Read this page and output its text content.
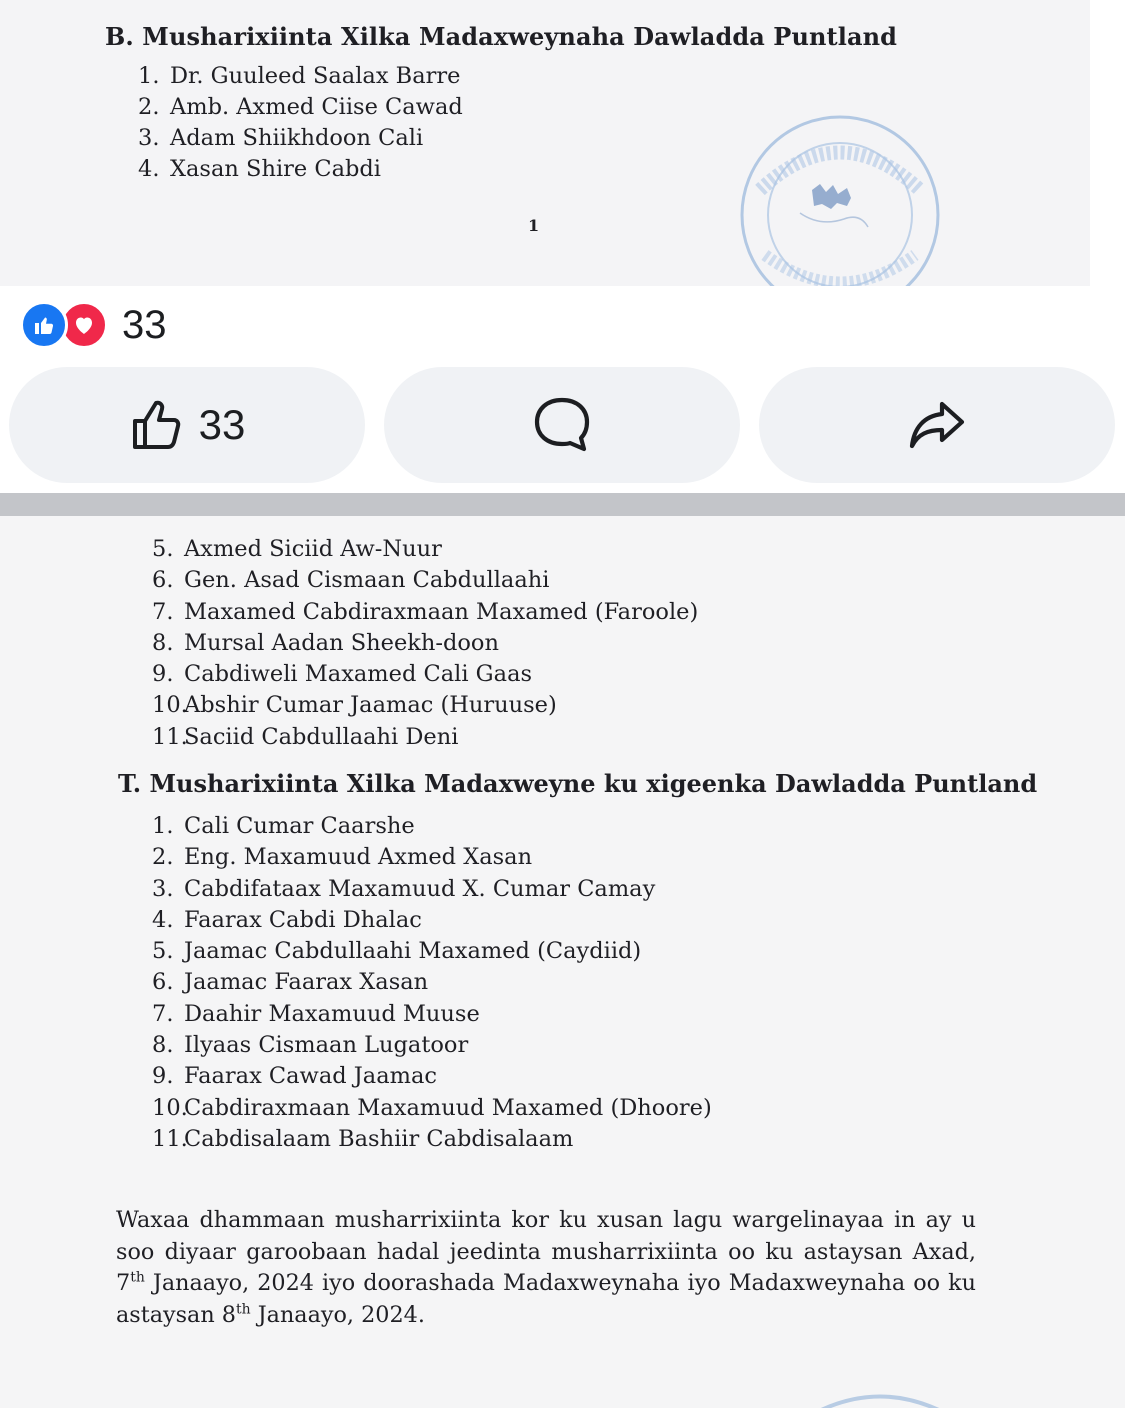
B. Musharixiinta Xilka Madaxweynaha Dawladda Puntland
1. Dr. Guuleed Saalax Barre
2. Amb. Axmed Ciise Cawad
3. Adam Shiikhdoon Cali
4. Xasan Shire Cabdi
1
33
33
5. Axmed Siciid Aw-Nuur
6. Gen. Asad Cismaan Cabdullaahi
7. Maxamed Cabdiraxmaan Maxamed (Faroole)
8. Mursal Aadan Sheekh-doon
9. Cabdiweli Maxamed Cali Gaas
10.Abshir Cumar Jaamac (Huruuse)
11.Saciid Cabdullaahi Deni
T. Musharixiinta Xilka Madaxweyne ku xigeenka Dawladda Puntland
1. Cali Cumar Caarshe
2. Eng. Maxamuud Axmed Xasan
3. Cabdifataax Maxamuud X. Cumar Camay
4. Faarax Cabdi Dhalac
5. Jaamac Cabdullaahi Maxamed (Caydiid)
6. Jaamac Faarax Xasan
7. Daahir Maxamuud Muuse
8. Ilyaas Cismaan Lugatoor
9. Faarax Cawad Jaamac
10.Cabdiraxmaan Maxamuud Maxamed (Dhoore)
11.Cabdisalaam Bashiir Cabdisalaam

Waxaa dhammaan musharrixiinta kor ku xusan lagu wargelinayaa in ay u soo diyaar garoobaan hadal jeedinta musharrixiinta oo ku astaysan Axad, 7th Janaayo, 2024 iyo doorashada Madaxweynaha iyo Madaxweynaha oo ku astaysan 8th Janaayo, 2024.
